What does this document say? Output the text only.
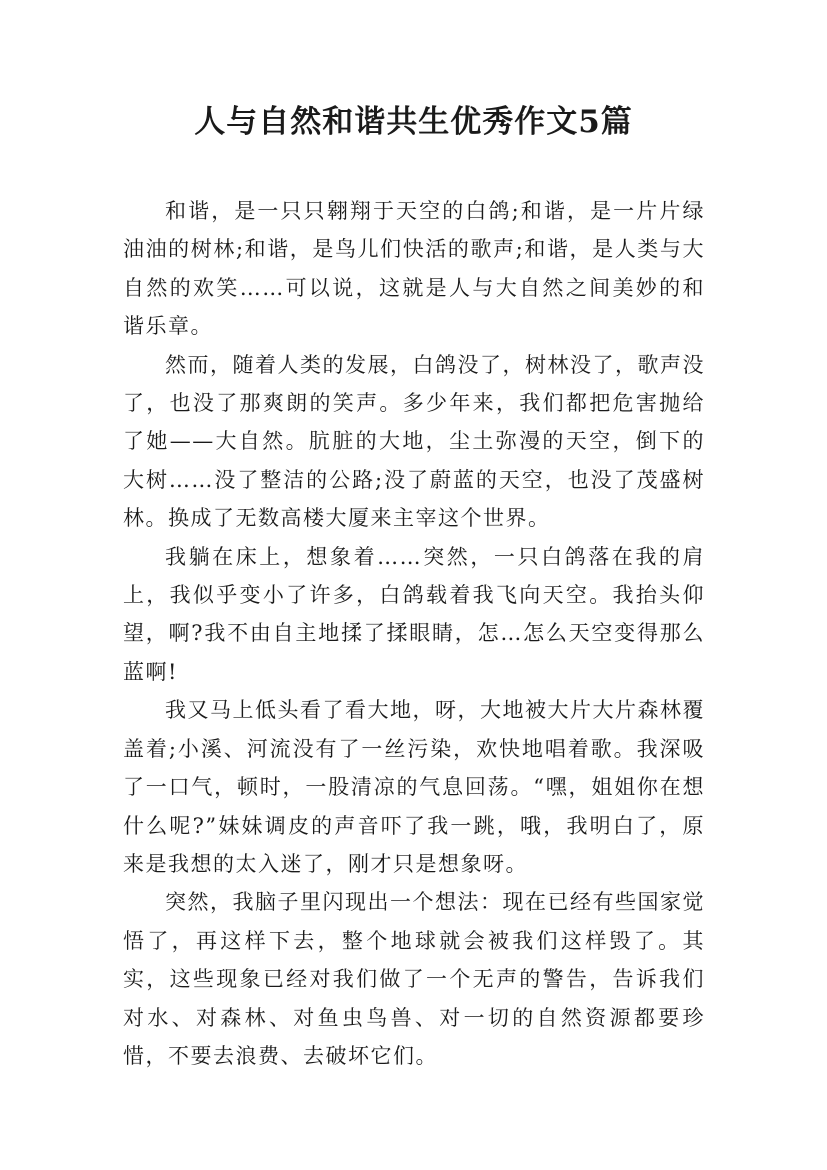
人与自然和谐共生优秀作文5篇

和谐，是一只只翱翔于天空的白鸽;和谐，是一片片绿油油的树林;和谐，是鸟儿们快活的歌声;和谐，是人类与大自然的欢笑……可以说，这就是人与大自然之间美妙的和谐乐章。

然而，随着人类的发展，白鸽没了，树林没了，歌声没了，也没了那爽朗的笑声。多少年来，我们都把危害抛给了她——大自然。肮脏的大地，尘土弥漫的天空，倒下的大树……没了整洁的公路;没了蔚蓝的天空，也没了茂盛树林。换成了无数高楼大厦来主宰这个世界。

我躺在床上，想象着……突然，一只白鸽落在我的肩上，我似乎变小了许多，白鸽载着我飞向天空。我抬头仰望，啊?我不由自主地揉了揉眼睛，怎…怎么天空变得那么蓝啊!

我又马上低头看了看大地，呀，大地被大片大片森林覆盖着;小溪、河流没有了一丝污染，欢快地唱着歌。我深吸了一口气，顿时，一股清凉的气息回荡。“嘿，姐姐你在想什么呢?”妹妹调皮的声音吓了我一跳，哦，我明白了，原来是我想的太入迷了，刚才只是想象呀。

突然，我脑子里闪现出一个想法：现在已经有些国家觉悟了，再这样下去，整个地球就会被我们这样毁了。其实，这些现象已经对我们做了一个无声的警告，告诉我们对水、对森林、对鱼虫鸟兽、对一切的自然资源都要珍惜，不要去浪费、去破坏它们。
